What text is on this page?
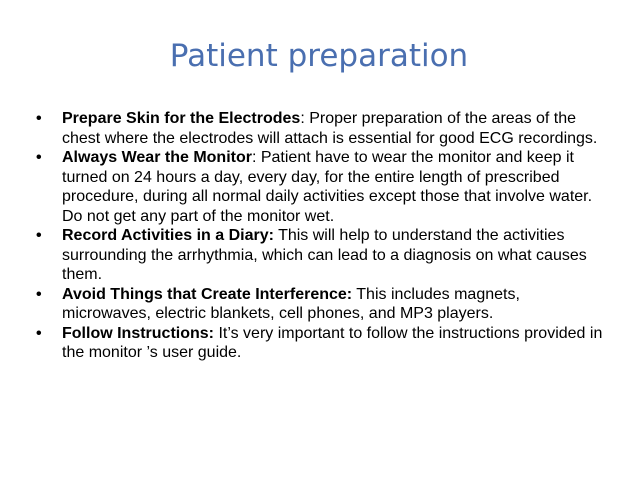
Patient preparation
•	Prepare Skin for the Electrodes: Proper preparation of the areas of the chest where the electrodes will attach is essential for good ECG recordings.
•	Always Wear the Monitor: Patient have to wear the monitor and keep it turned on 24 hours a day, every day, for the entire length of prescribed procedure, during all normal daily activities except those that involve water. Do not get any part of the monitor wet.
•	Record Activities in a Diary: This will help to understand the activities surrounding the arrhythmia, which can lead to a diagnosis on what causes them.
•	Avoid Things that Create Interference: This includes magnets, microwaves, electric blankets, cell phones, and MP3 players.
•	Follow Instructions: It’s very important to follow the instructions provided in the monitor ’s user guide.
